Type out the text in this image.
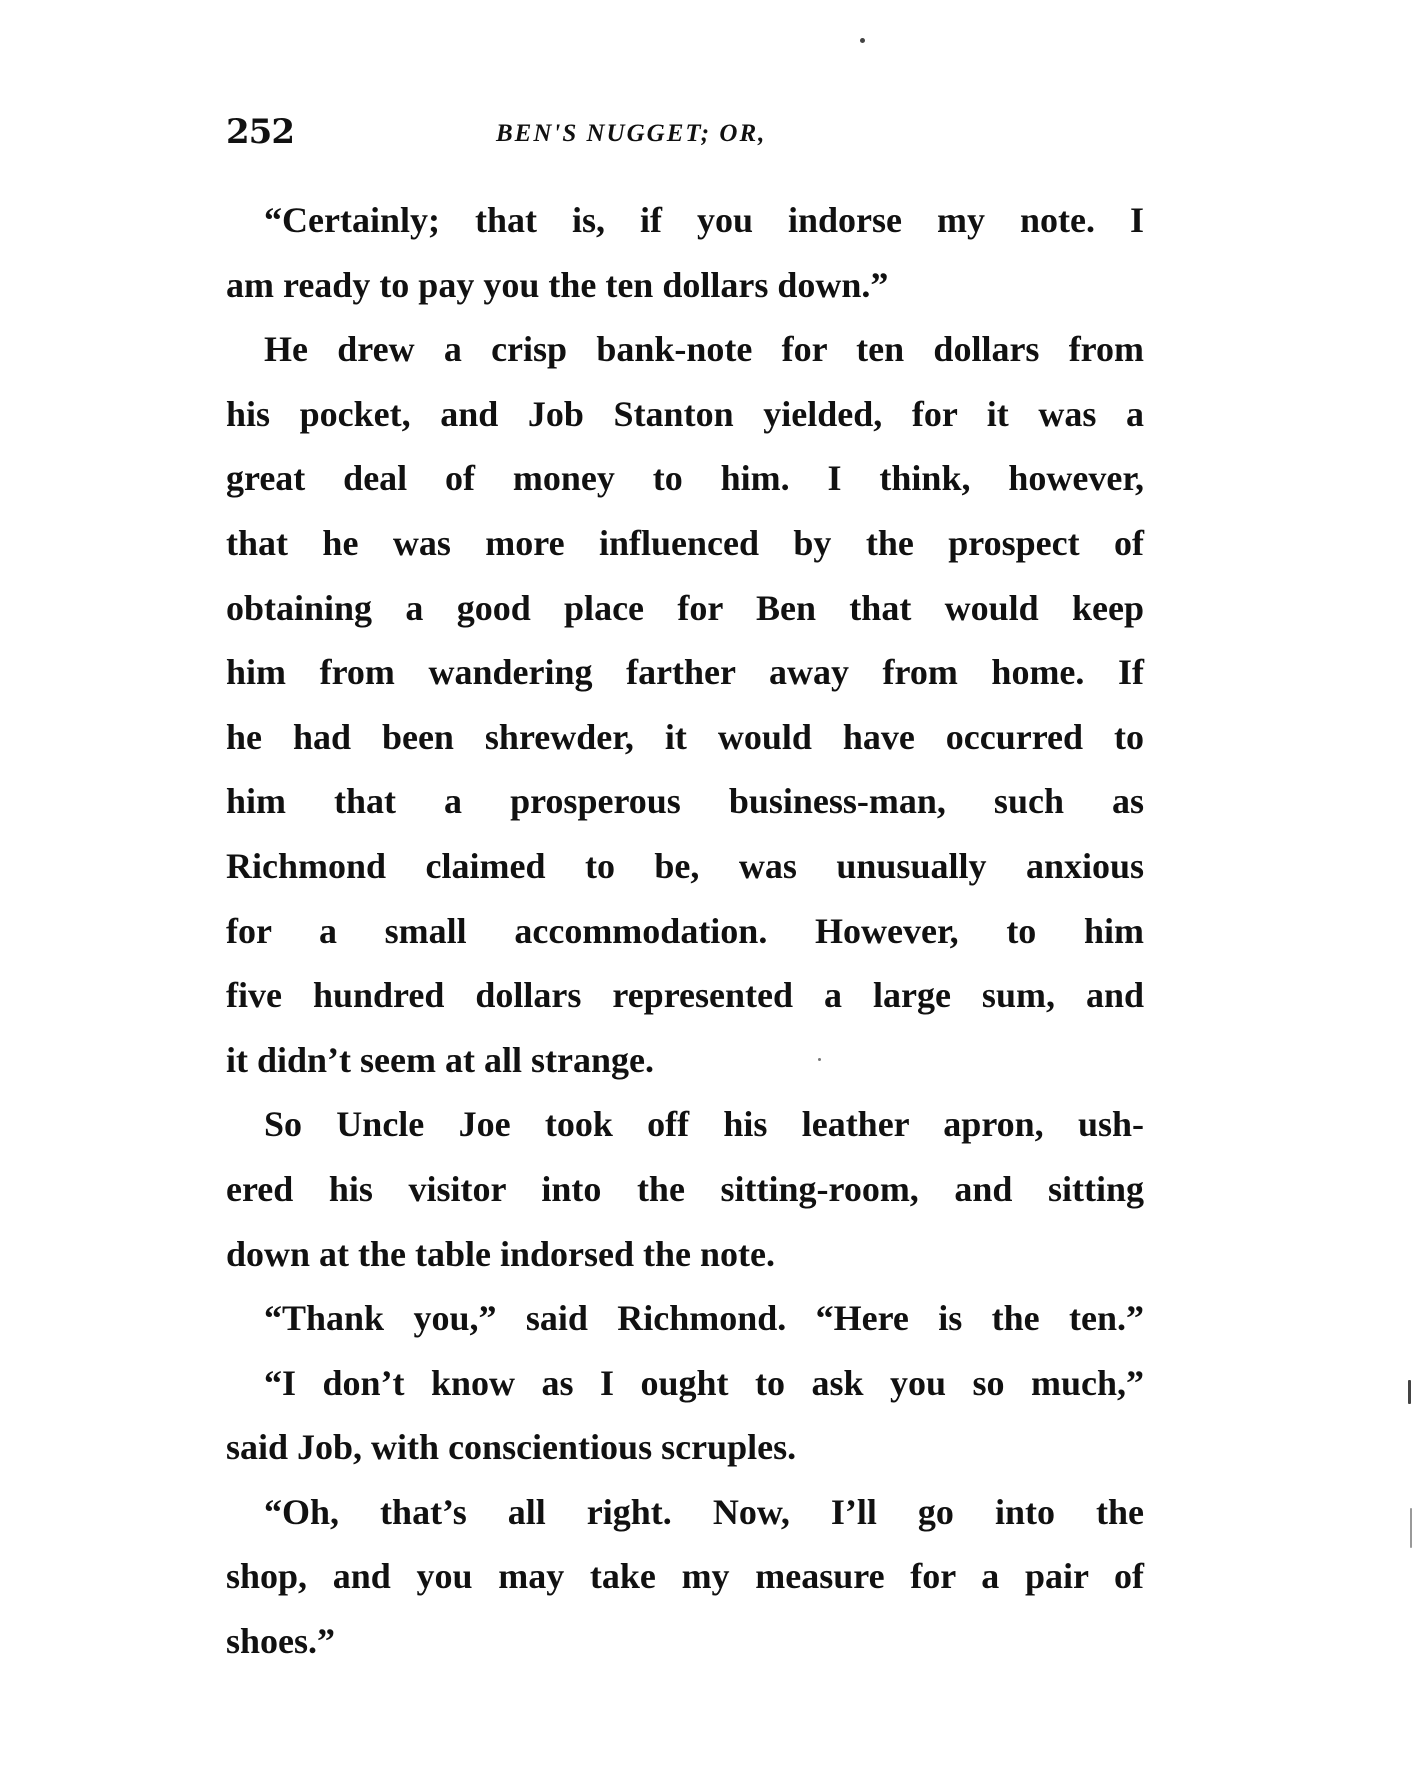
252	BEN'S NUGGET; OR,
“Certainly; that is, if you indorse my note. I
am ready to pay you the ten dollars down.”
He drew a crisp bank-note for ten dollars from
his pocket, and Job Stanton yielded, for it was a
great deal of money to him. I think, however,
that he was more influenced by the prospect of
obtaining a good place for Ben that would keep
him from wandering farther away from home. If
he had been shrewder, it would have occurred to
him that a prosperous business-man, such as
Richmond claimed to be, was unusually anxious
for a small accommodation. However, to him
five hundred dollars represented a large sum, and
it didn’t seem at all strange.
So Uncle Joe took off his leather apron, ush-
ered his visitor into the sitting-room, and sitting
down at the table indorsed the note.
“Thank you,” said Richmond. “Here is the ten.”
“I don’t know as I ought to ask you so much,”
said Job, with conscientious scruples.
“Oh, that’s all right. Now, I’ll go into the
shop, and you may take my measure for a pair of
shoes.”
